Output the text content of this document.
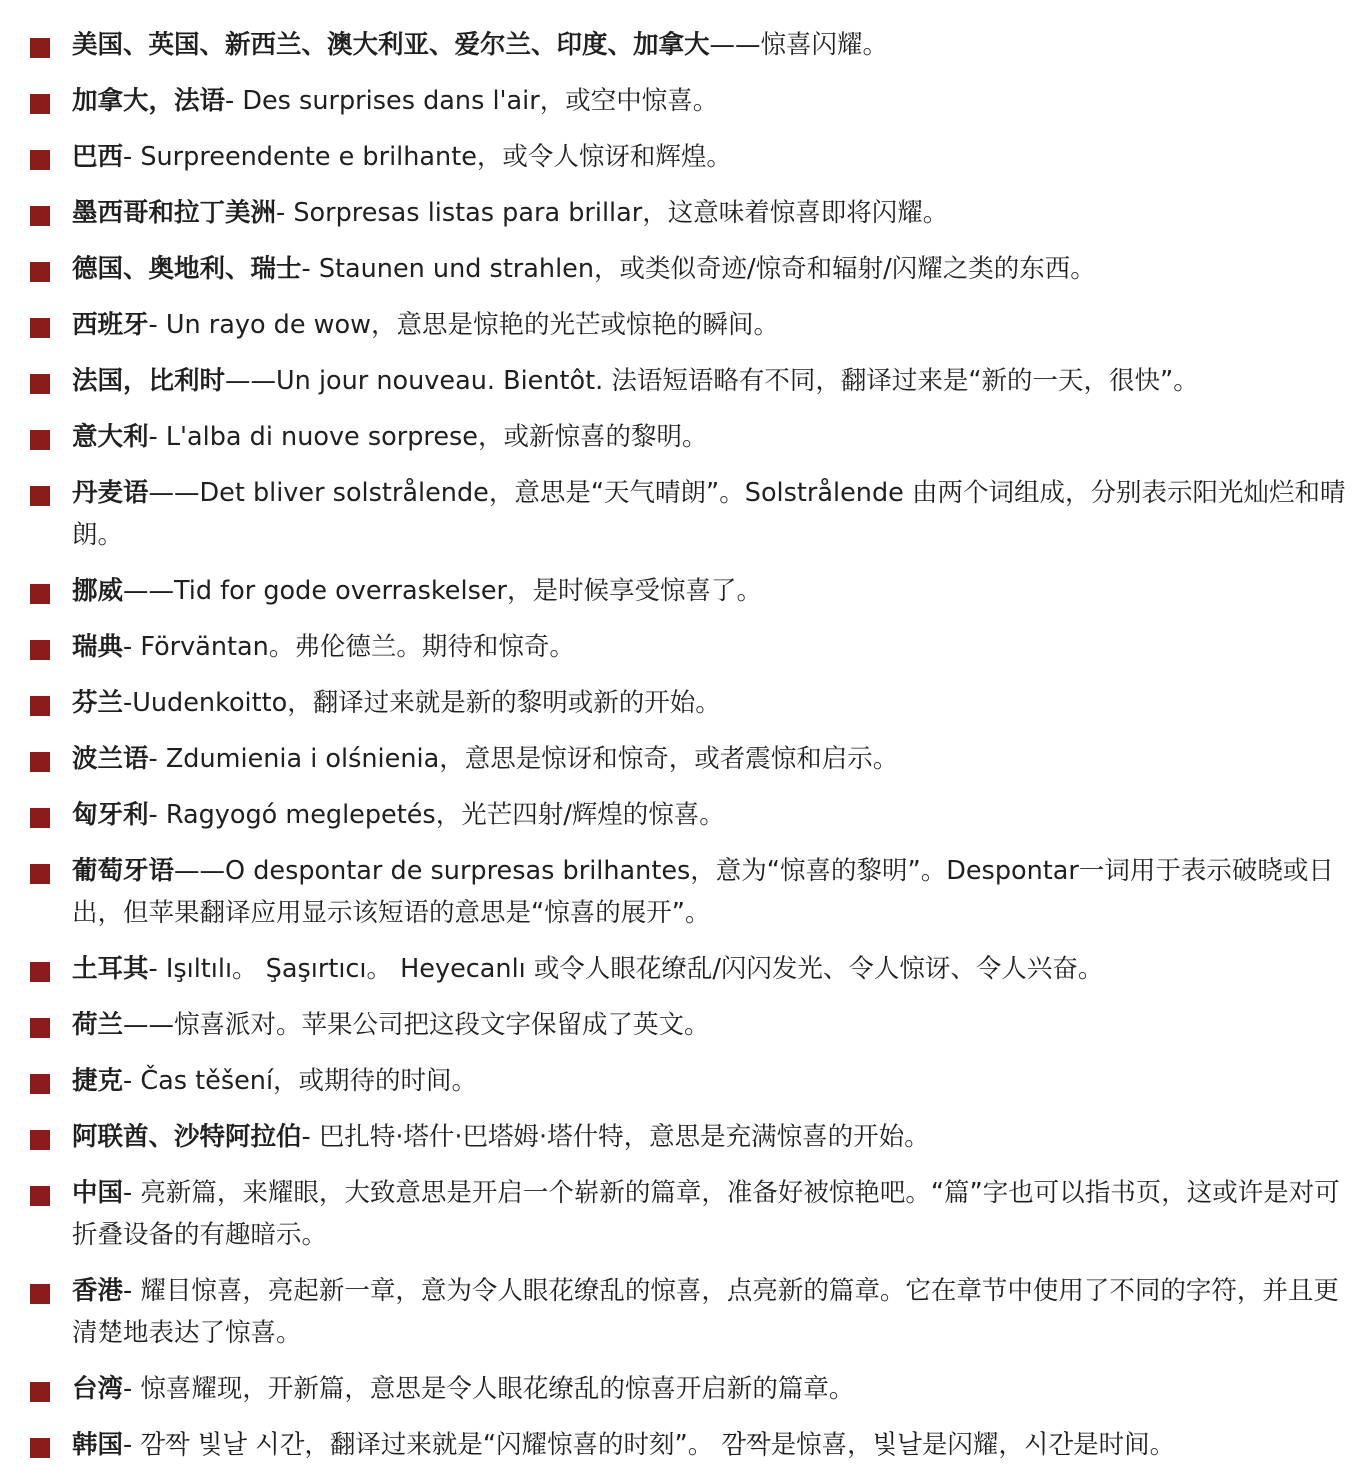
美国、英国、新西兰、澳大利亚、爱尔兰、印度、加拿大——惊喜闪耀。
加拿大，法语- Des surprises dans l'air，或空中惊喜。
巴西- Surpreendente e brilhante，或令人惊讶和辉煌。
墨西哥和拉丁美洲- Sorpresas listas para brillar，这意味着惊喜即将闪耀。
德国、奥地利、瑞士- Staunen und strahlen，或类似奇迹/惊奇和辐射/闪耀之类的东西。
西班牙- Un rayo de wow，意思是惊艳的光芒或惊艳的瞬间。
法国，比利时——Un jour nouveau. Bientôt. 法语短语略有不同，翻译过来是“新的一天，很快”。
意大利- L'alba di nuove sorprese，或新惊喜的黎明。
丹麦语——Det bliver solstrålende，意思是“天气晴朗”。Solstrålende 由两个词组成，分别表示阳光灿烂和晴朗。
挪威——Tid for gode overraskelser，是时候享受惊喜了。
瑞典- Förväntan。弗伦德兰。期待和惊奇。
芬兰-Uudenkoitto，翻译过来就是新的黎明或新的开始。
波兰语- Zdumienia i olśnienia，意思是惊讶和惊奇，或者震惊和启示。
匈牙利- Ragyogó meglepetés，光芒四射/辉煌的惊喜。
葡萄牙语——O despontar de surpresas brilhantes，意为“惊喜的黎明”。Despontar一词用于表示破晓或日出，但苹果翻译应用显示该短语的意思是“惊喜的展开”。
土耳其- Işıltılı。 Şaşırtıcı。 Heyecanlı 或令人眼花缭乱/闪闪发光、令人惊讶、令人兴奋。
荷兰——惊喜派对。苹果公司把这段文字保留成了英文。
捷克- Čas těšení，或期待的时间。
阿联酋、沙特阿拉伯- 巴扎特·塔什·巴塔姆·塔什特，意思是充满惊喜的开始。
中国- 亮新篇，来耀眼，大致意思是开启一个崭新的篇章，准备好被惊艳吧。“篇”字也可以指书页，这或许是对可折叠设备的有趣暗示。
香港- 耀目惊喜，亮起新一章，意为令人眼花缭乱的惊喜，点亮新的篇章。它在章节中使用了不同的字符，并且更清楚地表达了惊喜。
台湾- 惊喜耀现，开新篇，意思是令人眼花缭乱的惊喜开启新的篇章。
韩国- 깜짝 빛날 시간，翻译过来就是“闪耀惊喜的时刻”。 깜짝是惊喜，빛날是闪耀，시간是时间。
